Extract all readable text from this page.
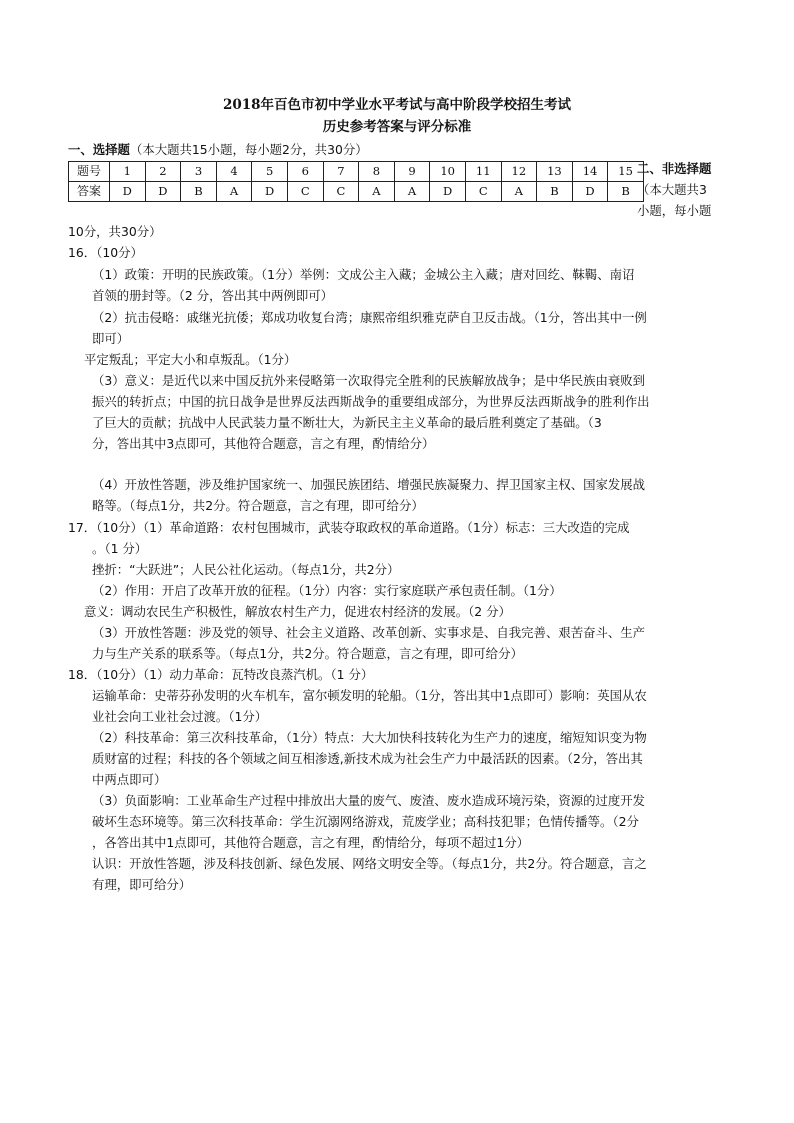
2018年百色市初中学业水平考试与高中阶段学校招生考试
历史参考答案与评分标准
一、选择题（本大题共15小题，每小题2分，共30分）
题号	1	2	3	4	5	6	7	8	9	10	11	12	13	14	15
答案	D	D	B	A	D	C	C	A	A	D	C	A	B	D	B
二、非选择题
（本大题共3
小题，每小题
10分，共30分）
16．（10分）
（1）政策：开明的民族政策。（1分）举例：文成公主入藏；金城公主入藏；唐对回纥、靺鞨、南诏
首领的册封等。（2 分，答出其中两例即可）
（2）抗击侵略：戚继光抗倭；郑成功收复台湾；康熙帝组织雅克萨自卫反击战。（1分，答出其中一例
即可）
平定叛乱；平定大小和卓叛乱。（1分）
（3）意义：是近代以来中国反抗外来侵略第一次取得完全胜利的民族解放战争；是中华民族由衰败到
振兴的转折点；中国的抗日战争是世界反法西斯战争的重要组成部分，为世界反法西斯战争的胜利作出
了巨大的贡献；抗战中人民武装力量不断壮大，为新民主主义革命的最后胜利奠定了基础。（3
分，答出其中3点即可，其他符合题意，言之有理，酌情给分）
（4）开放性答题，涉及维护国家统一、加强民族团结、增强民族凝聚力、捍卫国家主权、国家发展战
略等。（每点1分，共2分。符合题意，言之有理，即可给分）
17．（10分）（1）革命道路：农村包围城市，武装夺取政权的革命道路。（1分）标志：三大改造的完成
。（1 分）
挫折：“大跃进”；人民公社化运动。（每点1分，共2分）
（2）作用：开启了改革开放的征程。（1分）内容：实行家庭联产承包责任制。（1分）
意义：调动农民生产积极性，解放农村生产力，促进农村经济的发展。（2 分）
（3）开放性答题：涉及党的领导、社会主义道路、改革创新、实事求是、自我完善、艰苦奋斗、生产
力与生产关系的联系等。（每点1分，共2分。符合题意，言之有理，即可给分）
18．（10分）（1）动力革命：瓦特改良蒸汽机。（1 分）
运输革命：史蒂芬孙发明的火车机车，富尔顿发明的轮船。（1分，答出其中1点即可）影响：英国从农
业社会向工业社会过渡。（1分）
（2）科技革命：第三次科技革命，（1分）特点：大大加快科技转化为生产力的速度，缩短知识变为物
质财富的过程；科技的各个领域之间互相渗透,新技术成为社会生产力中最活跃的因素。（2分，答出其
中两点即可）
（3）负面影响：工业革命生产过程中排放出大量的废气、废渣、废水造成环境污染，资源的过度开发
破坏生态环境等。第三次科技革命：学生沉溺网络游戏，荒废学业；高科技犯罪；色情传播等。（2分
，各答出其中1点即可，其他符合题意，言之有理，酌情给分，每项不超过1分）
认识：开放性答题，涉及科技创新、绿色发展、网络文明安全等。（每点1分，共2分。符合题意，言之
有理，即可给分）
